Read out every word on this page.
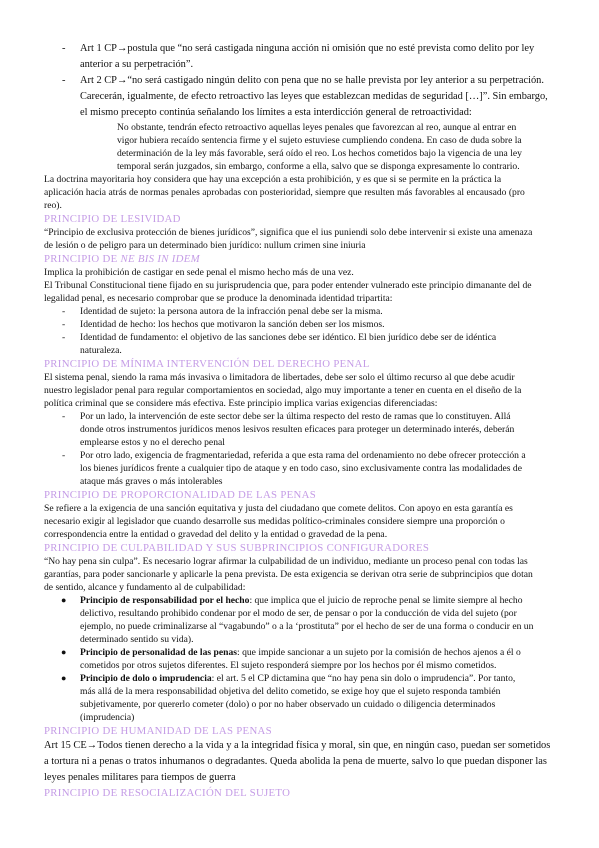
- Art 1 CP→postula que “no será castigada ninguna acción ni omisión que no esté prevista como delito por ley
anterior a su perpetración”.
- Art 2 CP→“no será castigado ningún delito con pena que no se halle prevista por ley anterior a su perpetración.
Carecerán, igualmente, de efecto retroactivo las leyes que establezcan medidas de seguridad […]”. Sin embargo,
el mismo precepto continúa señalando los límites a esta interdicción general de retroactividad:
No obstante, tendrán efecto retroactivo aquellas leyes penales que favorezcan al reo, aunque al entrar en
vigor hubiera recaído sentencia firme y el sujeto estuviese cumpliendo condena. En caso de duda sobre la
determinación de la ley más favorable, será oído el reo. Los hechos cometidos bajo la vigencia de una ley
temporal serán juzgados, sin embargo, conforme a ella, salvo que se disponga expresamente lo contrario.
La doctrina mayoritaria hoy considera que hay una excepción a esta prohibición, y es que si se permite en la práctica la
aplicación hacia atrás de normas penales aprobadas con posterioridad, siempre que resulten más favorables al encausado (pro
reo).
PRINCIPIO DE LESIVIDAD
“Principio de exclusiva protección de bienes jurídicos”, significa que el ius puniendi solo debe intervenir si existe una amenaza
de lesión o de peligro para un determinado bien jurídico: nullum crimen sine iniuria
PRINCIPIO DE NE BIS IN IDEM
Implica la prohibición de castigar en sede penal el mismo hecho más de una vez.
El Tribunal Constitucional tiene fijado en su jurisprudencia que, para poder entender vulnerado este principio dimanante del de
legalidad penal, es necesario comprobar que se produce la denominada identidad tripartita:
- Identidad de sujeto: la persona autora de la infracción penal debe ser la misma.
- Identidad de hecho: los hechos que motivaron la sanción deben ser los mismos.
- Identidad de fundamento: el objetivo de las sanciones debe ser idéntico. El bien jurídico debe ser de idéntica
naturaleza.
PRINCIPIO DE MÍNIMA INTERVENCIÓN DEL DERECHO PENAL
El sistema penal, siendo la rama más invasiva o limitadora de libertades, debe ser solo el último recurso al que debe acudir
nuestro legislador penal para regular comportamientos en sociedad, algo muy importante a tener en cuenta en el diseño de la
política criminal que se considere más efectiva. Este principio implica varias exigencias diferenciadas:
- Por un lado, la intervención de este sector debe ser la última respecto del resto de ramas que lo constituyen. Allá
donde otros instrumentos jurídicos menos lesivos resulten eficaces para proteger un determinado interés, deberán
emplearse estos y no el derecho penal
- Por otro lado, exigencia de fragmentariedad, referida a que esta rama del ordenamiento no debe ofrecer protección a
los bienes jurídicos frente a cualquier tipo de ataque y en todo caso, sino exclusivamente contra las modalidades de
ataque más graves o más intolerables
PRINCIPIO DE PROPORCIONALIDAD DE LAS PENAS
Se refiere a la exigencia de una sanción equitativa y justa del ciudadano que comete delitos. Con apoyo en esta garantía es
necesario exigir al legislador que cuando desarrolle sus medidas político-criminales considere siempre una proporción o
correspondencia entre la entidad o gravedad del delito y la entidad o gravedad de la pena.
PRINCIPIO DE CULPABILIDAD Y SUS SUBPRINCIPIOS CONFIGURADORES
“No hay pena sin culpa”. Es necesario lograr afirmar la culpabilidad de un individuo, mediante un proceso penal con todas las
garantías, para poder sancionarle y aplicarle la pena prevista. De esta exigencia se derivan otra serie de subprincipios que dotan
de sentido, alcance y fundamento al de culpabilidad:
● Principio de responsabilidad por el hecho: que implica que el juicio de reproche penal se limite siempre al hecho
delictivo, resultando prohibido condenar por el modo de ser, de pensar o por la conducción de vida del sujeto (por
ejemplo, no puede criminalizarse al “vagabundo” o a la ‘prostituta” por el hecho de ser de una forma o conducir en un
determinado sentido su vida).
● Principio de personalidad de las penas: que impide sancionar a un sujeto por la comisión de hechos ajenos a él o
cometidos por otros sujetos diferentes. El sujeto responderá siempre por los hechos por él mismo cometidos.
● Principio de dolo o imprudencia: el art. 5 el CP dictamina que “no hay pena sin dolo o imprudencia”. Por tanto,
más allá de la mera responsabilidad objetiva del delito cometido, se exige hoy que el sujeto responda también
subjetivamente, por quererlo cometer (dolo) o por no haber observado un cuidado o diligencia determinados
(imprudencia)
PRINCIPIO DE HUMANIDAD DE LAS PENAS
Art 15 CE→Todos tienen derecho a la vida y a la integridad física y moral, sin que, en ningún caso, puedan ser sometidos
a tortura ni a penas o tratos inhumanos o degradantes. Queda abolida la pena de muerte, salvo lo que puedan disponer las
leyes penales militares para tiempos de guerra
PRINCIPIO DE RESOCIALIZACIÓN DEL SUJETO
